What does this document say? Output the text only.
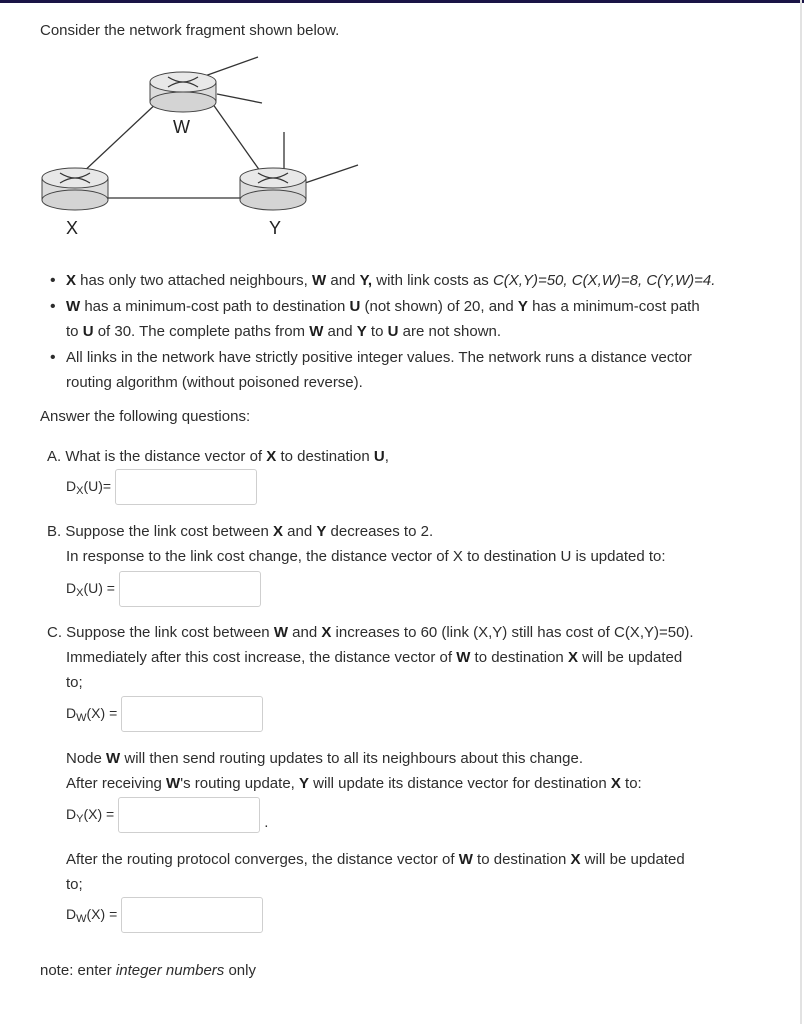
Consider the network fragment shown below.
W
X	Y
• X has only two attached neighbours, W and Y, with link costs as C(X,Y)=50, C(X,W)=8, C(Y,W)=4.
• W has a minimum-cost path to destination U (not shown) of 20, and Y has a minimum-cost path
to U of 30. The complete paths from W and Y to U are not shown.
• All links in the network have strictly positive integer values. The network runs a distance vector
routing algorithm (without poisoned reverse).
Answer the following questions:
A. What is the distance vector of X to destination U,
$D_X(U)=$
B. Suppose the link cost between X and Y decreases to 2.
In response to the link cost change, the distance vector of X to destination U is updated to:
$D_X(U)$ =
C. Suppose the link cost between W and X increases to 60 (link (X,Y) still has cost of C(X,Y)=50).
Immediately after this cost increase, the distance vector of W to destination X will be updated
to;
$D_W(X)$ =
Node W will then send routing updates to all its neighbours about this change.
After receiving W's routing update, Y will update its distance vector for destination X to:
$D_Y(X)$ =	.
After the routing protocol converges, the distance vector of W to destination X will be updated
to;
$D_W(X)$ =
note: enter integer numbers only
